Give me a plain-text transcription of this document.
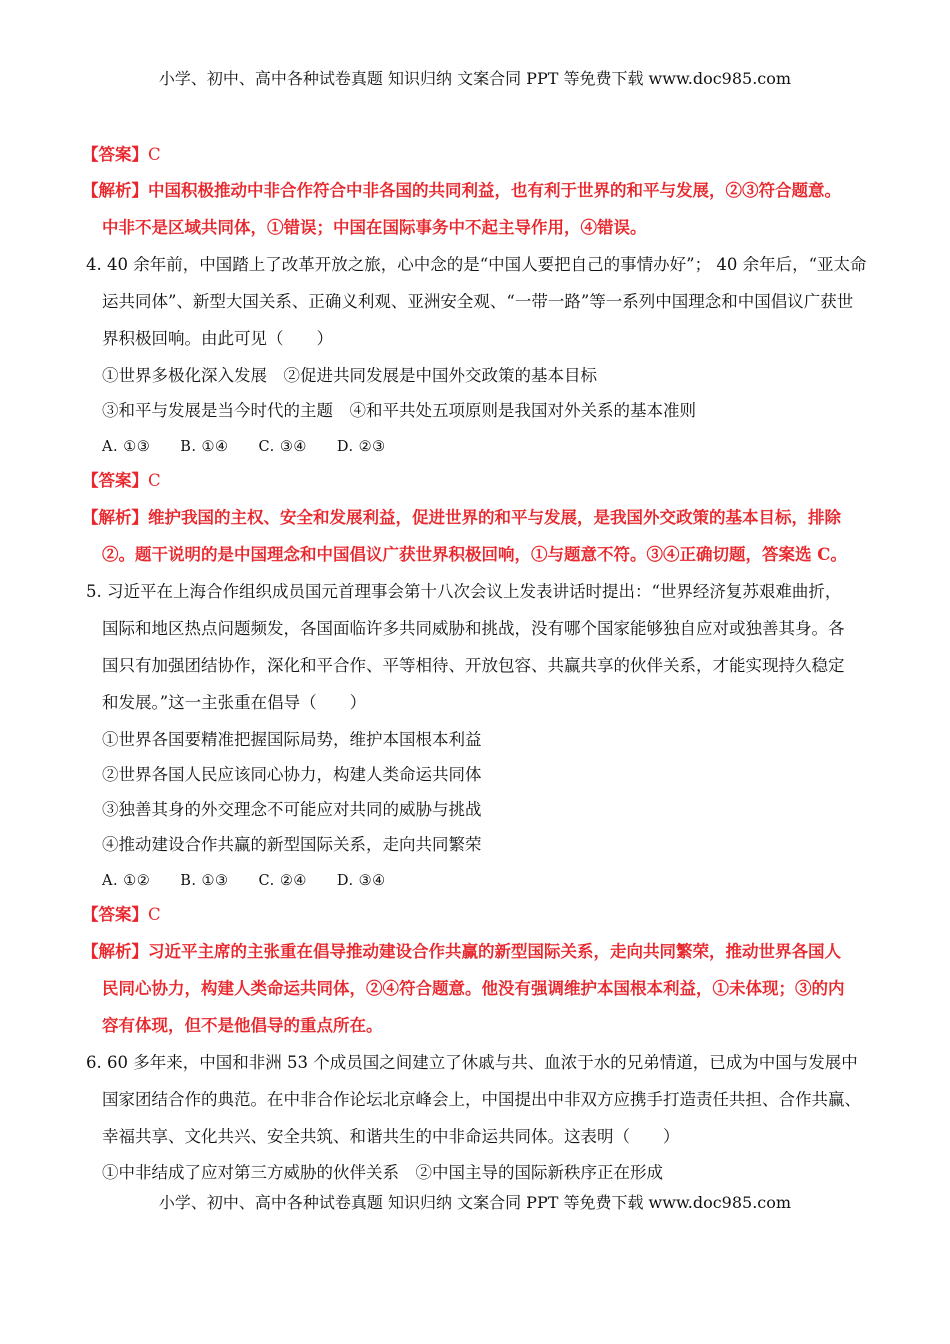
小学、初中、高中各种试卷真题 知识归纳 文案合同 PPT 等免费下载 www.doc985.com
【答案】C
【解析】中国积极推动中非合作符合中非各国的共同利益，也有利于世界的和平与发展，②③符合题意。
中非不是区域共同体，①错误；中国在国际事务中不起主导作用，④错误。
4. 40 余年前，中国踏上了改革开放之旅，心中念的是“中国人要把自己的事情办好”； 40 余年后，“亚太命
运共同体”、新型大国关系、正确义利观、亚洲安全观、“一带一路”等一系列中国理念和中国倡议广获世
界积极回响。由此可见（　　）
①世界多极化深入发展　②促进共同发展是中国外交政策的基本目标
③和平与发展是当今时代的主题　④和平共处五项原则是我国对外关系的基本准则
A. ①③　　B. ①④　　C. ③④　　D. ②③
【答案】C
【解析】维护我国的主权、安全和发展利益，促进世界的和平与发展，是我国外交政策的基本目标，排除
②。题干说明的是中国理念和中国倡议广获世界积极回响，①与题意不符。③④正确切题，答案选 C。
5. 习近平在上海合作组织成员国元首理事会第十八次会议上发表讲话时提出：“世界经济复苏艰难曲折，
国际和地区热点问题频发，各国面临许多共同威胁和挑战，没有哪个国家能够独自应对或独善其身。各
国只有加强团结协作，深化和平合作、平等相待、开放包容、共赢共享的伙伴关系，才能实现持久稳定
和发展。”这一主张重在倡导（　　）
①世界各国要精准把握国际局势，维护本国根本利益
②世界各国人民应该同心协力，构建人类命运共同体
③独善其身的外交理念不可能应对共同的威胁与挑战
④推动建设合作共赢的新型国际关系，走向共同繁荣
A. ①②　　B. ①③　　C. ②④　　D. ③④
【答案】C
【解析】习近平主席的主张重在倡导推动建设合作共赢的新型国际关系，走向共同繁荣，推动世界各国人
民同心协力，构建人类命运共同体，②④符合题意。他没有强调维护本国根本利益，①未体现；③的内
容有体现，但不是他倡导的重点所在。
6. 60 多年来，中国和非洲 53 个成员国之间建立了休戚与共、血浓于水的兄弟情道，已成为中国与发展中
国家团结合作的典范。在中非合作论坛北京峰会上，中国提出中非双方应携手打造责任共担、合作共赢、
幸福共享、文化共兴、安全共筑、和谐共生的中非命运共同体。这表明（　　）
①中非结成了应对第三方威胁的伙伴关系　②中国主导的国际新秩序正在形成
小学、初中、高中各种试卷真题 知识归纳 文案合同 PPT 等免费下载 www.doc985.com
